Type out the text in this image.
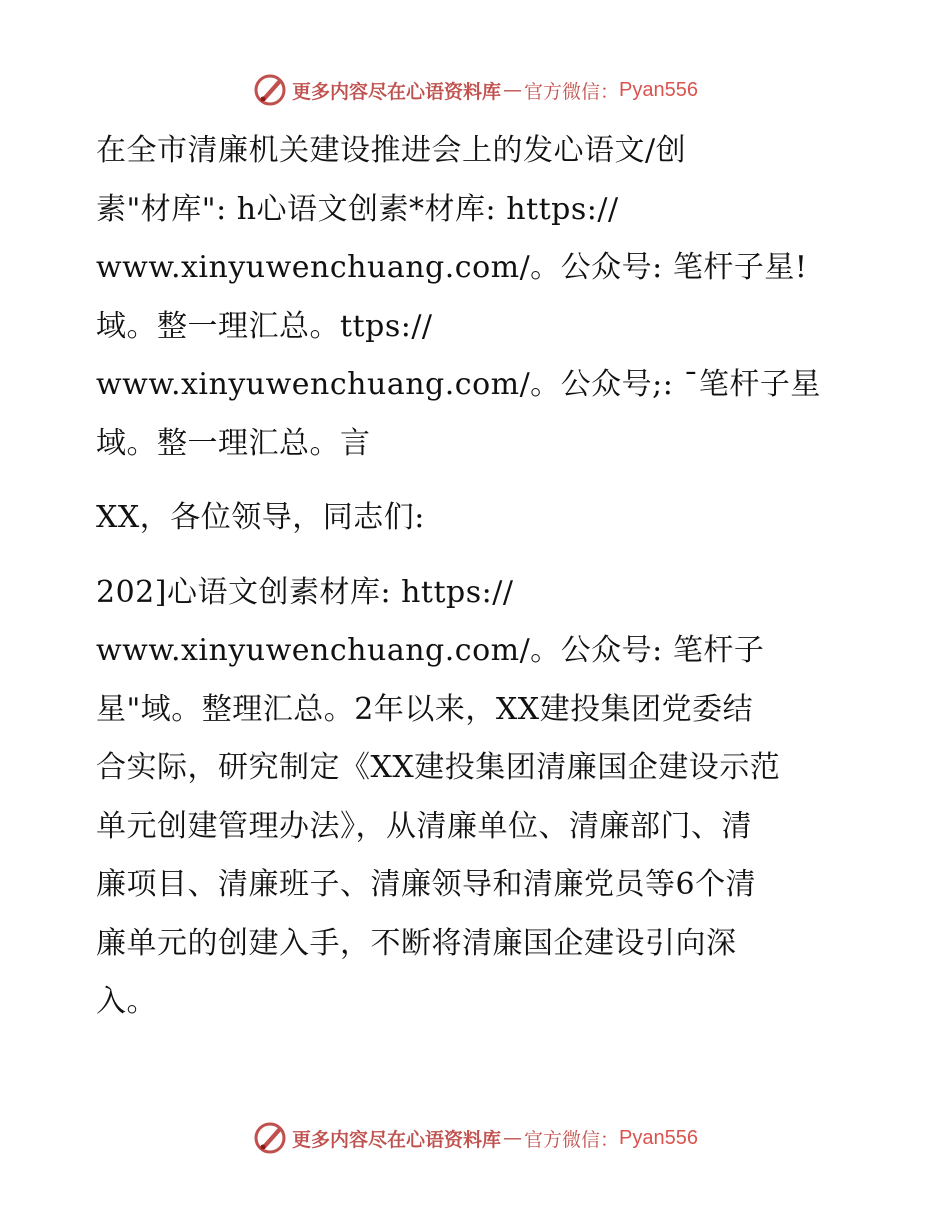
更多内容尽在心语资料库 — 官方微信： Pyan556
在全市清廉机关建设推进会上的发心语文/创
素"材库": h心语文创素*材库: https://
www.xinyuwenchuang.com/。公众号: 笔杆子星!
域。整一理汇总。ttps://
www.xinyuwenchuang.com/。公众号;: ¯笔杆子星
域。整一理汇总。言
XX，各位领导，同志们:
202]心语文创素材库: https://
www.xinyuwenchuang.com/。公众号: 笔杆子
星"域。整理汇总。2年以来，XX建投集团党委结
合实际，研究制定《XX建投集团清廉国企建设示范
单元创建管理办法》，从清廉单位、清廉部门、清
廉项目、清廉班子、清廉领导和清廉党员等6个清
廉单元的创建入手，不断将清廉国企建设引向深
入。
更多内容尽在心语资料库 — 官方微信： Pyan556
